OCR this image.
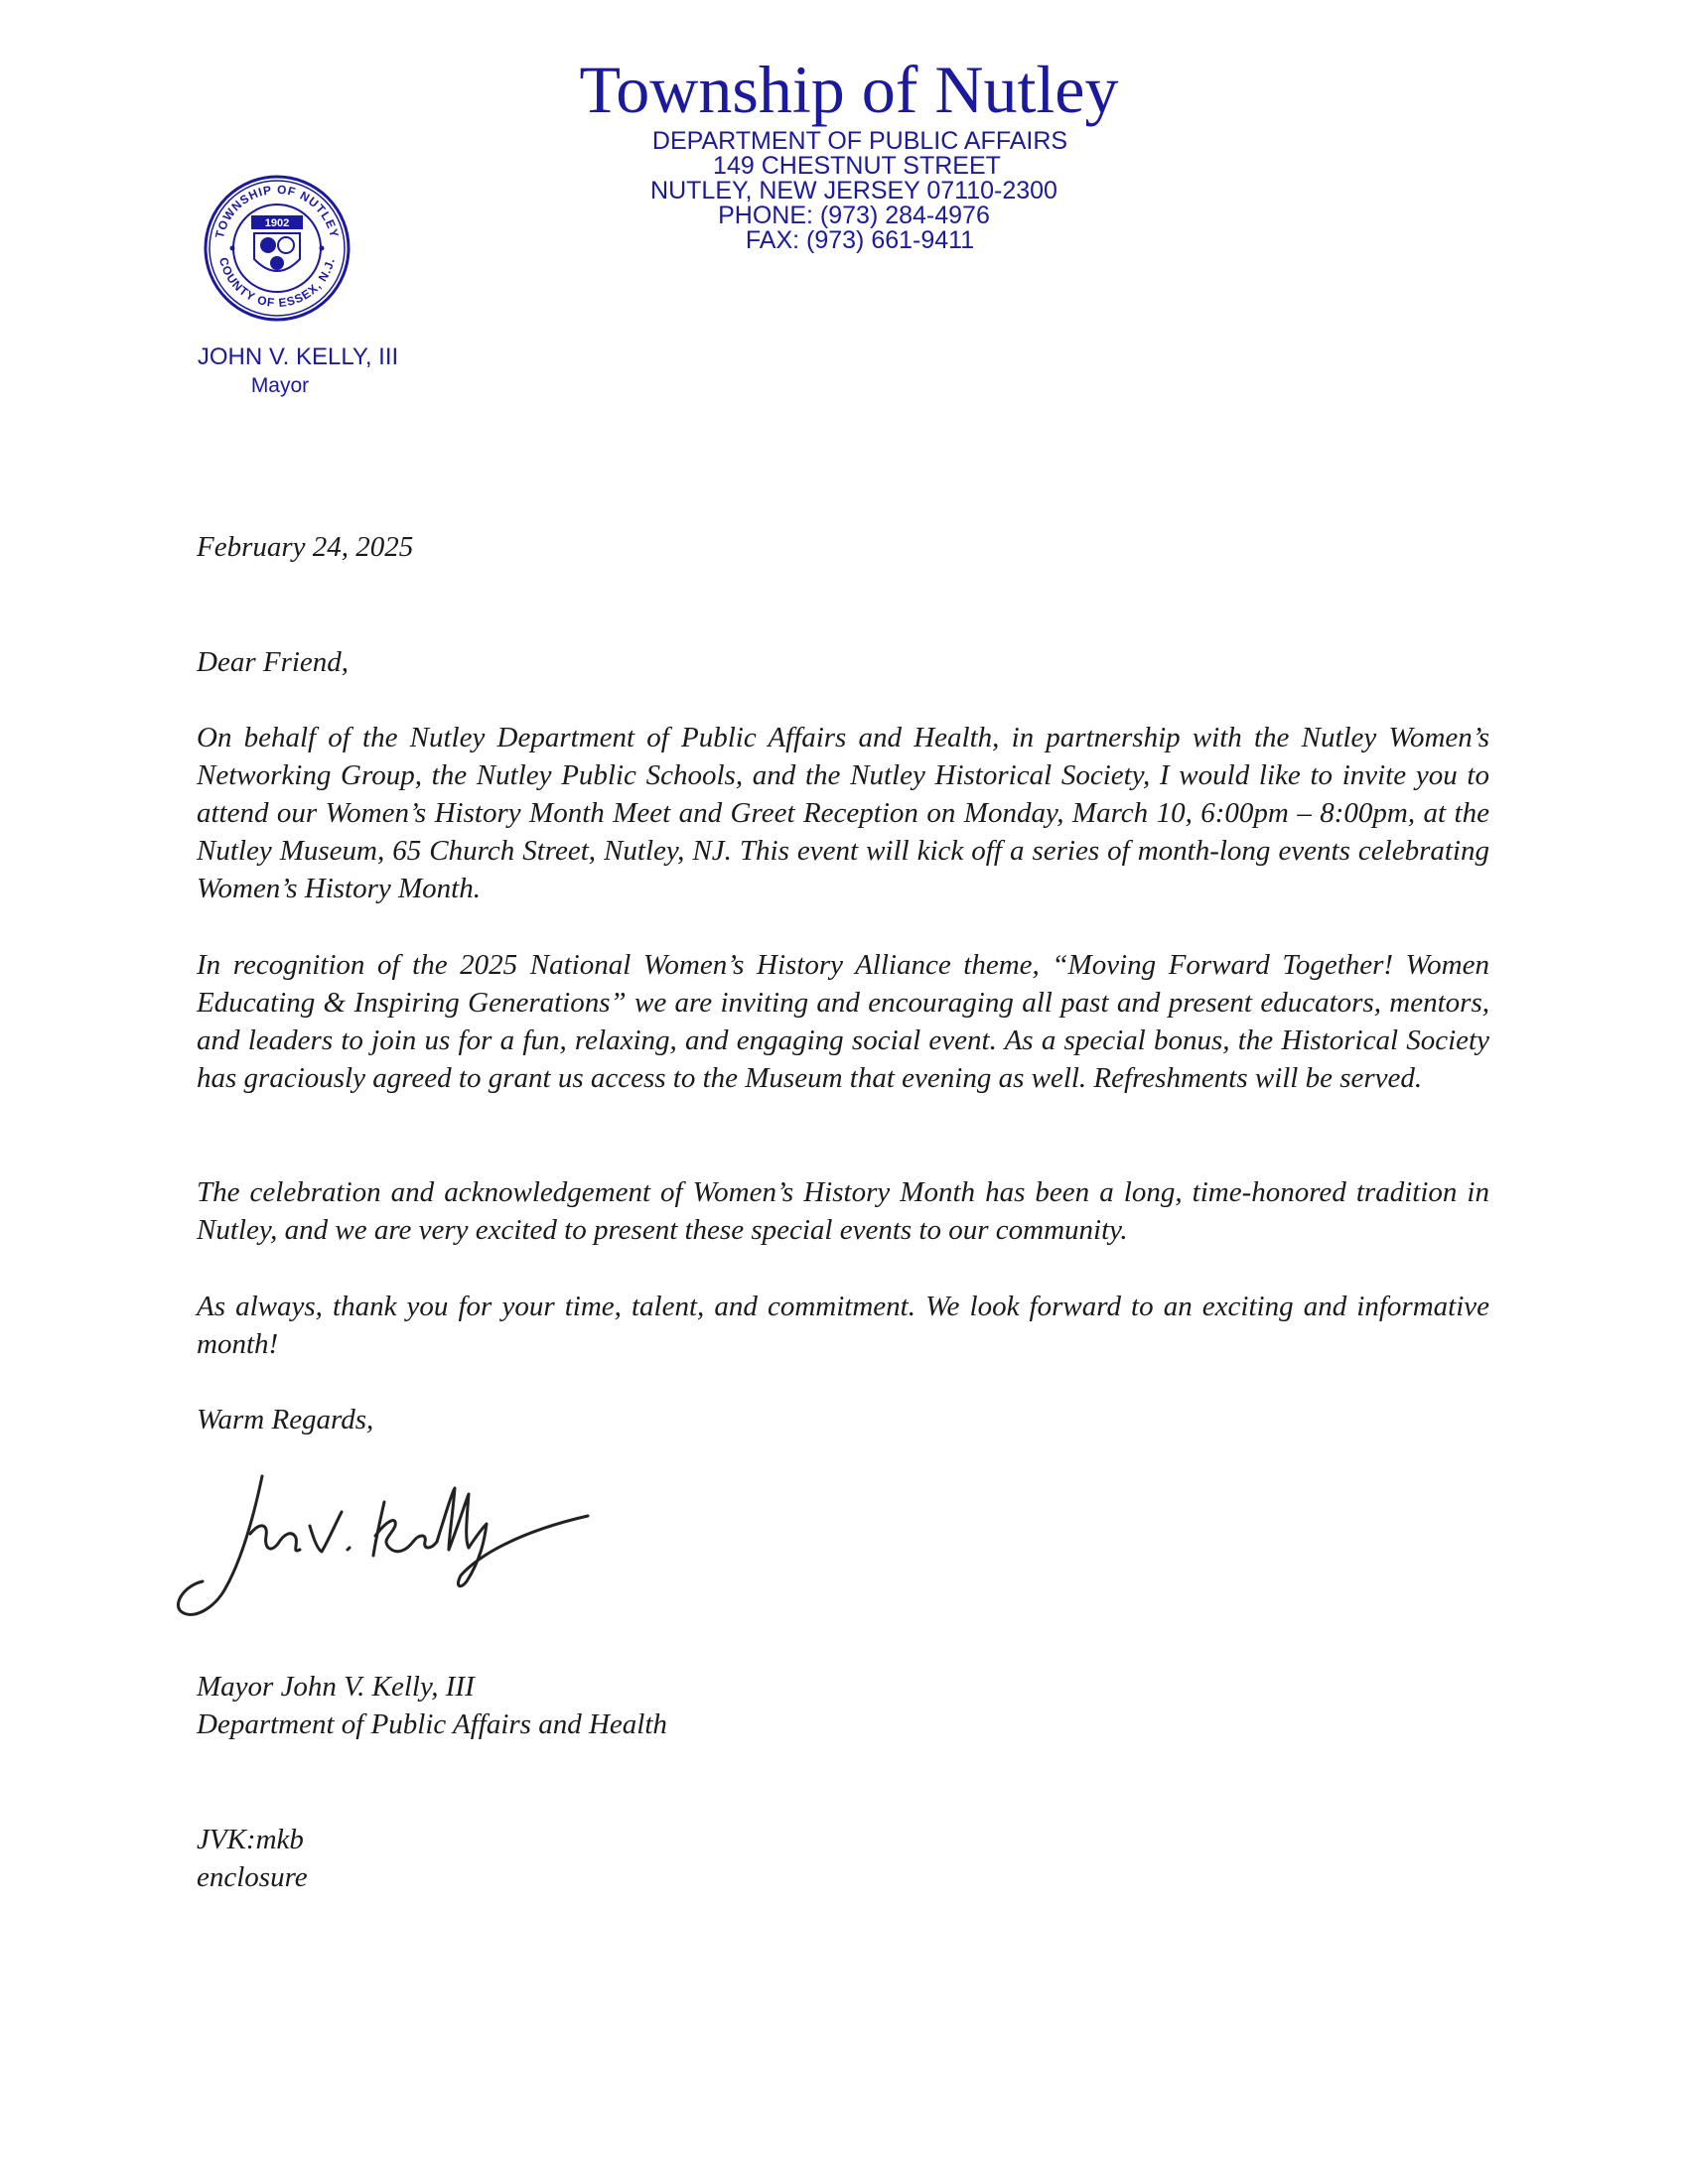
Township of Nutley
DEPARTMENT OF PUBLIC AFFAIRS
149 CHESTNUT STREET
NUTLEY, NEW JERSEY 07110-2300
PHONE: (973) 284-4976
FAX: (973) 661-9411
TOWNSHIP OF NUTLEY
COUNTY OF ESSEX, N.J.
1902
JOHN V. KELLY, III
Mayor
February 24, 2025
Dear Friend,
On behalf of the Nutley Department of Public Affairs and Health, in partnership with the Nutley Women’s Networking Group, the Nutley Public Schools, and the Nutley Historical Society, I would like to invite you to attend our Women’s History Month Meet and Greet Reception on Monday, March 10, 6:00pm – 8:00pm, at the Nutley Museum, 65 Church Street, Nutley, NJ. This event will kick off a series of month-long events celebrating Women’s History Month.
In recognition of the 2025 National Women’s History Alliance theme, “Moving Forward Together! Women Educating & Inspiring Generations” we are inviting and encouraging all past and present educators, mentors, and leaders to join us for a fun, relaxing, and engaging social event. As a special bonus, the Historical Society has graciously agreed to grant us access to the Museum that evening as well. Refreshments will be served.
The celebration and acknowledgement of Women’s History Month has been a long, time-honored tradition in Nutley, and we are very excited to present these special events to our community.
As always, thank you for your time, talent, and commitment. We look forward to an exciting and informative month!
Warm Regards,
Mayor John V. Kelly, III
Department of Public Affairs and Health
JVK:mkb
enclosure
